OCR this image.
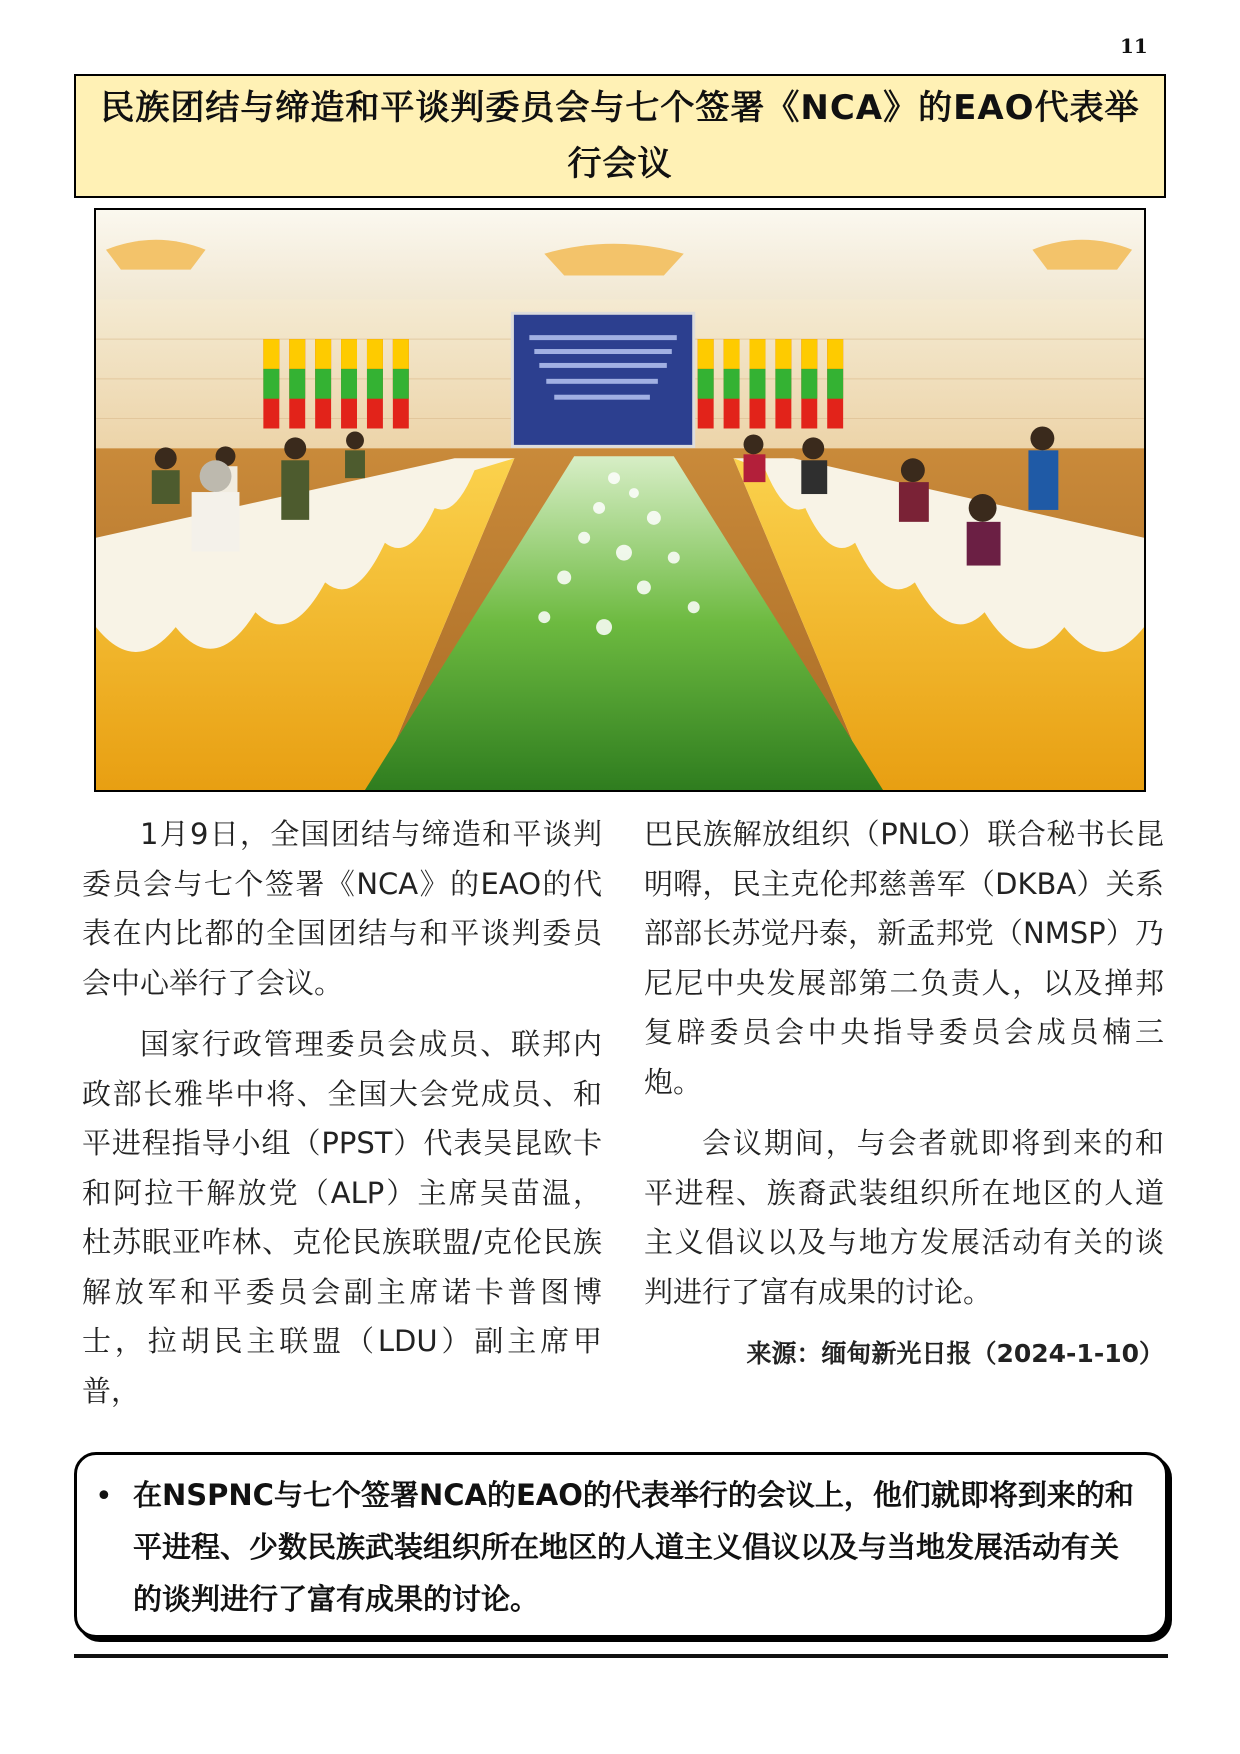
11
民族团结与缔造和平谈判委员会与七个签署《NCA》的EAO代表举行会议

1月9日，全国团结与缔造和平谈判委员会与七个签署《NCA》的EAO的代表在内比都的全国团结与和平谈判委员会中心举行了会议。

国家行政管理委员会成员、联邦内政部长雅毕中将、全国大会党成员、和平进程指导小组（PPST）代表吴昆欧卡和阿拉干解放党（ALP）主席吴苗温， 杜苏眠亚咋林、克伦民族联盟/克伦民族解放军和平委员会副主席诺卡普图博士，拉胡民主联盟（LDU）副主席甲普，

巴民族解放组织（PNLO）联合秘书长昆明嘚，民主克伦邦慈善军（DKBA）关系部部长苏觉丹泰，新孟邦党（NMSP）乃尼尼中央发展部第二负责人，以及掸邦复辟委员会中央指导委员会成员楠三炮。

会议期间，与会者就即将到来的和平进程、族裔武装组织所在地区的人道主义倡议以及与地方发展活动有关的谈判进行了富有成果的讨论。

来源：缅甸新光日报（2024-1-10）
• 在NSPNC与七个签署NCA的EAO的代表举行的会议上，他们就即将到来的和平进程、少数民族武装组织所在地区的人道主义倡议以及与当地发展活动有关的谈判进行了富有成果的讨论。
